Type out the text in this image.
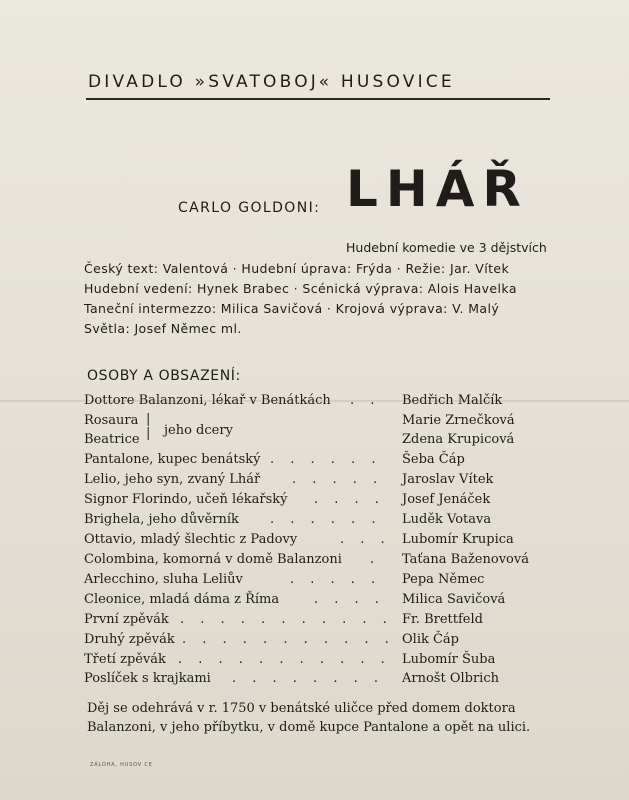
DIVADLO »SVATOBOJ« HUSOVICE
CARLO GOLDONI: LHÁŘ
Hudební komedie ve 3 dějstvích
Český text: Valentová · Hudební úprava: Frýda · Režie: Jar. Vítek
Hudební vedení: Hynek Brabec · Scénická výprava: Alois Havelka
Taneční intermezzo: Milica Savičová · Krojová výprava: V. Malý
Světla: Josef Němec ml.
OSOBY A OBSAZENÍ:
Dottore Balanzoni, lékař v Benátkách	Bedřich Malčík
Rosaura	Marie Zrnečková
Beatrice	Zdena Krupicová
|
| jeho dcery
Pantalone, kupec benátský	Šeba Čáp
Lelio, jeho syn, zvaný Lhář	Jaroslav Vítek
Signor Florindo, učeň lékařský	Josef Jenáček
Brighela, jeho důvěrník	Luděk Votava
Ottavio, mladý šlechtic z Padovy	Lubomír Krupica
Colombina, komorná v domě Balanzoni	Taťana Baženovová
Arlecchino, sluha Leliův	Pepa Němec
Cleonice, mladá dáma z Říma	Milica Savičová
První zpěvák	Fr. Brettfeld
Druhý zpěvák	Olik Čáp
Třetí zpěvák	Lubomír Šuba
Poslíček s krajkami	Arnošt Olbrich
. .
. . . . . .
. . . . .
. . . .
. . . . . .
. . .
.
. . . . .
. . . .
. . . . . . . . . . .
. . . . . . . . . . .
. . . . . . . . . . .
. . . . . . . .
Děj se odehrává v r. 1750 v benátské uličce před domem doktora
Balanzoni, v jeho příbytku, v domě kupce Pantalone a opět na ulici.
ZÁLOHA, HUSOV CE
